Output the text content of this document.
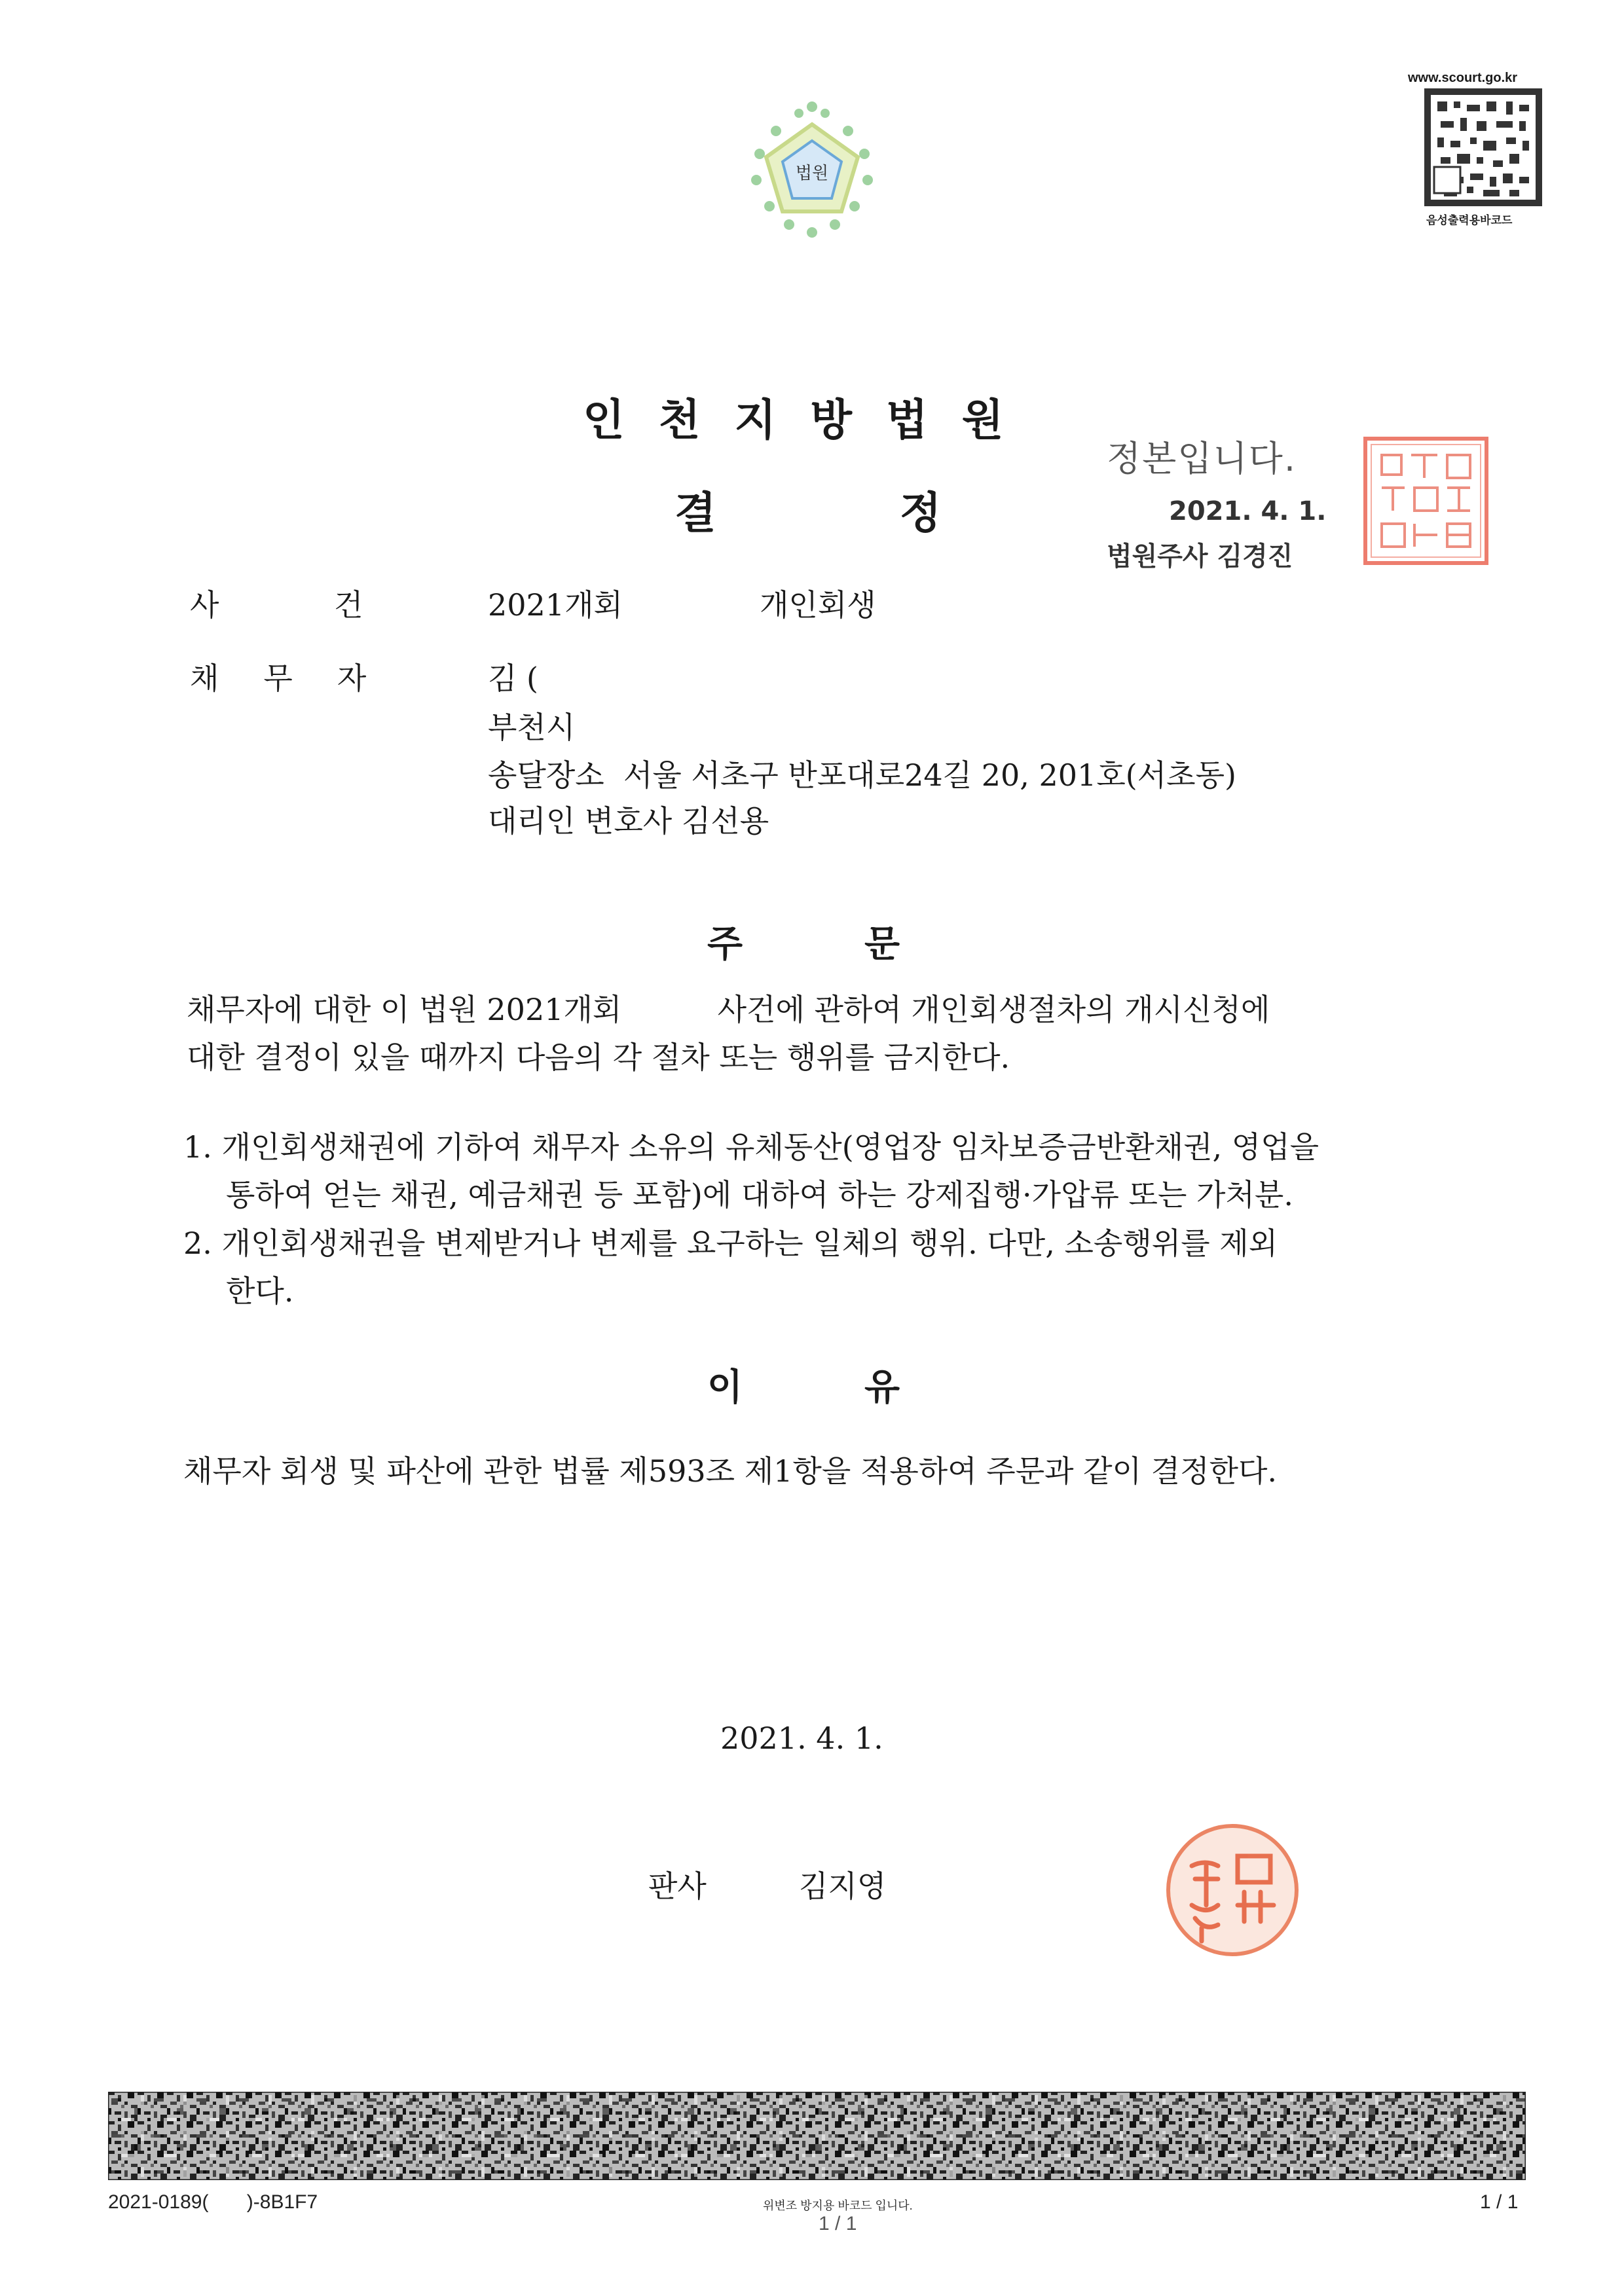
법원
www.scourt.go.kr
음성출력용바코드
인천지방법원
결	정
정본입니다.
2021. 4. 1.
법원주사 김경진
사	건	2021개회	개인회생
채무자	김 (
부천시
송달장소  서울 서초구 반포대로24길 20, 201호(서초동)
대리인 변호사 김선용
주	문
채무자에 대한 이 법원 2021개회          사건에 관하여 개인회생절차의 개시신청에
대한 결정이 있을 때까지 다음의 각 절차 또는 행위를 금지한다.
1. 개인회생채권에 기하여 채무자 소유의 유체동산(영업장 임차보증금반환채권, 영업을
통하여 얻는 채권, 예금채권 등 포함)에 대하여 하는 강제집행·가압류 또는 가처분.
2. 개인회생채권을 변제받거나 변제를 요구하는 일체의 행위. 다만, 소송행위를 제외
한다.
이	유
채무자 회생 및 파산에 관한 법률 제593조 제1항을 적용하여 주문과 같이 결정한다.
2021. 4. 1.
판사	김지영
2021-0189(       )-8B1F7	위변조 방지용 바코드 입니다.
1 / 1
1 / 1
